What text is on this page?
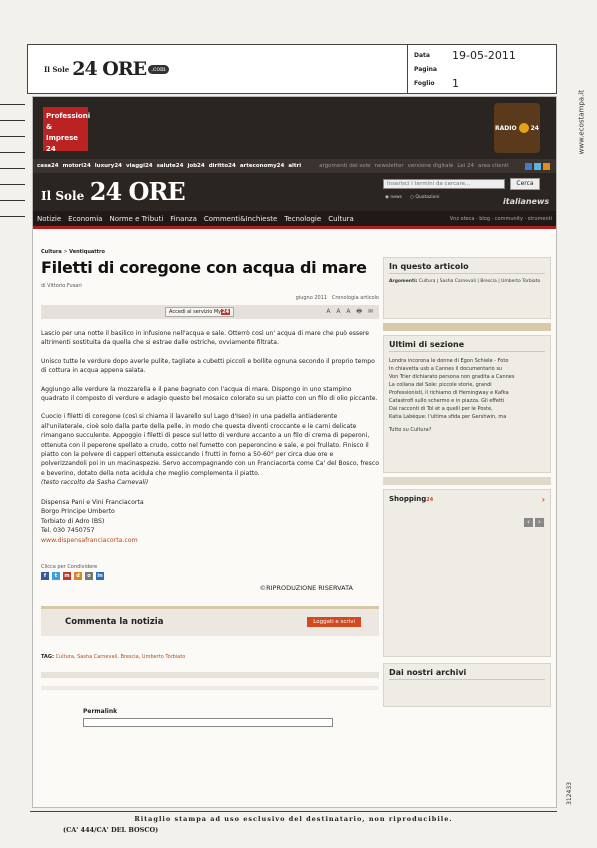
Il Sole 24 ORE .com
Data	19-05-2011
Pagina
Foglio	1
www.ecostampa.it
312433
Professioni
&
Imprese 24
RADIO 24
casa24 motori24 luxury24 viaggi24 salute24 job24 diritto24 arteconomy24 altri	argomenti del sole newsletter versione digitale Lei 24 area clienti
Il Sole 24 ORE
Inserisci i termini da cercare...	Cerca
◉ news ○ Quotazioni	italianews
Notizie Economia Norme e Tributi Finanza Commenti&Inchieste Tecnologie Cultura	Vnz oteca · blog · community · strumenti
Cultura > Ventiquattro
Filetti di coregone con acqua di mare
di Vittorio Fusari
giugno 2011 Cronologia articolo
Accedi al servizio My24	A A A 🖶 ✉

Lascio per una notte il basilico in infusione nell'acqua e sale. Otterrò così un' acqua di mare che può essere altrimenti sostituita da quella che si estrae dalle ostriche, ovviamente filtrata.

Unisco tutte le verdure dopo averle pulite, tagliate a cubetti piccoli e bollite ognuna secondo il proprio tempo di cottura in acqua appena salata.

Aggiungo alle verdure la mozzarella e il pane bagnato con l'acqua di mare. Dispongo in uno stampino quadrato il composto di verdure e adagio questo bel mosaico colorato su un piatto con un filo di olio piccante.

Cuocio i filetti di coregone (così si chiama il lavarello sul Lago d'Iseo) in una padella antiaderente all'unilaterale, cioè solo dalla parte della pelle, in modo che questa diventi croccante e le carni delicate rimangano succulente. Appoggio i filetti di pesce sul letto di verdure accanto a un filo di crema di peperoni, ottenuta con il peperone spellato a crudo, cotto nel fumetto con peperoncino e sale, e poi frullato. Finisco il piatto con la polvere di capperi ottenuta essiccando i frutti in forno a 50-60° per circa due ore e polverizzandoli poi in un macinaspezie. Servo accompagnando con un Franciacorta come Ca' del Bosco, fresco e beverino, dotato della nota acidula che meglio complementa il piatto.

(testo raccolto da Sasha Carnevali)
Dispensa Pani e Vini Franciacorta
Borgo Principe Umberto
Torbiato di Adro (BS)
Tel. 030 7450757
www.dispensafranciacorta.com
Clicca per Condividere
f	t	m	d	o	in
©RIPRODUZIONE RISERVATA
Commenta la notizia	Loggati e scrivi
TAG: Cultura, Sasha Carnevali, Brescia, Umberto Torbiato
Permalink
In questo articolo
Argomenti: Cultura | Sasha Carnevali | Brescia | Umberto Torbiato
Ultimi di sezione
Londra incorona le donne di Egon Schiele - Foto
In chiavetta usb a Cannes il documentario su
Von Trier dichiarato persona non gradita a Cannes
La collana del Sole: piccole storie, grandi
Professionisti, il richiamo di Hemingway e Kafka
Catastrofi sullo schermo e in piazza. Gli effetti
Dai racconti di Tol et a quelli per le Poste,
Katia Labèque: l'ultima sfida per Gershwin, ma
Tutto su Cultura?
Shopping24	›
‹	›
Dai nostri archivi
Ritaglio stampa ad uso esclusivo del destinatario, non riproducibile.
(CA' 444/CA' DEL BOSCO)
